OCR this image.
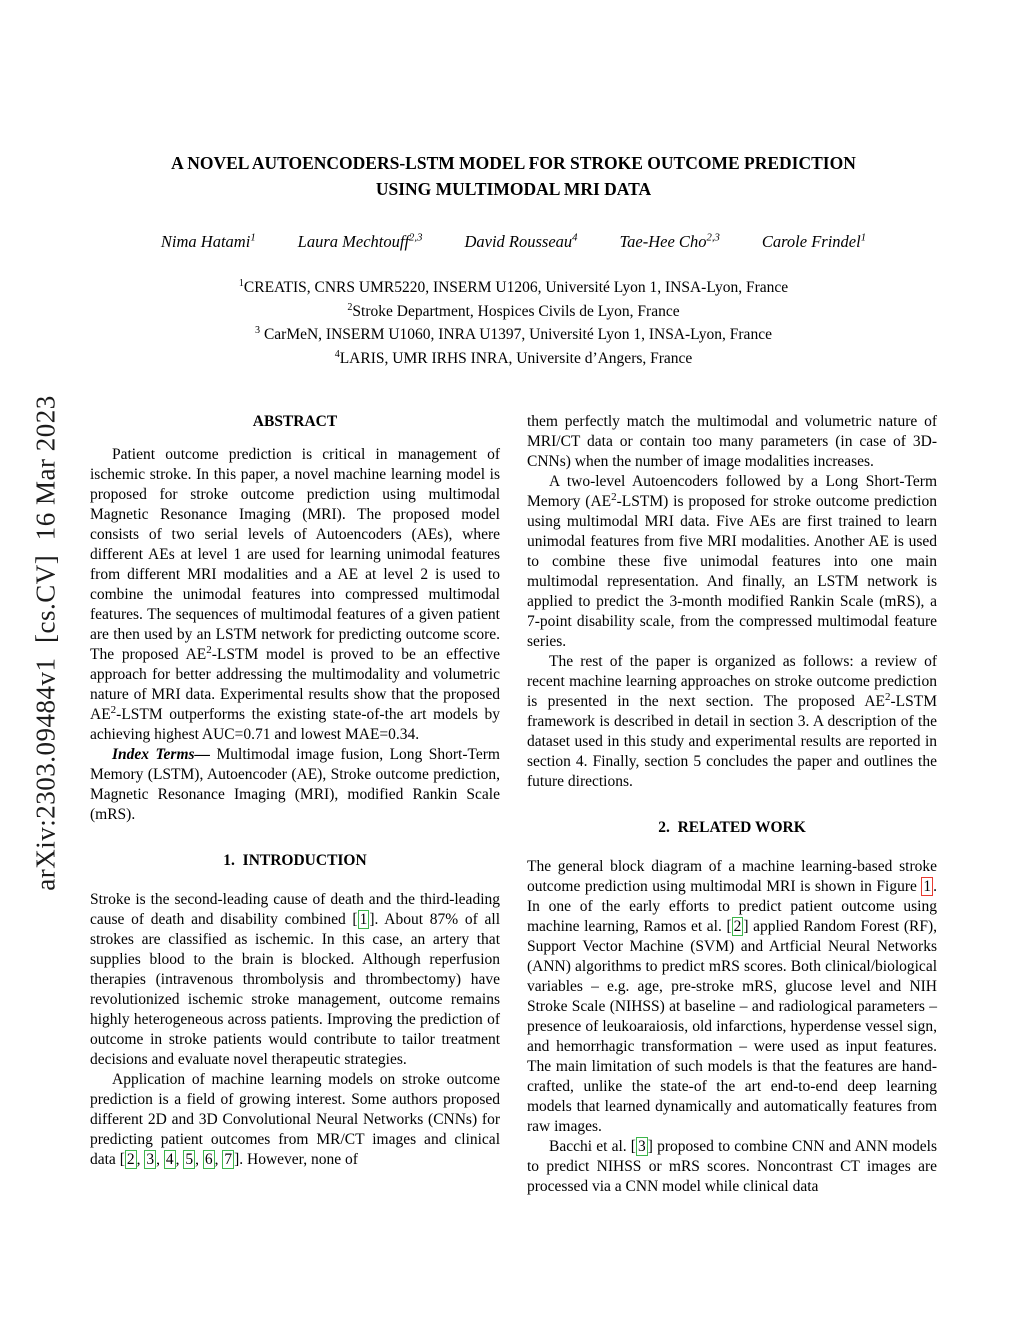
arXiv:2303.09484v1  [cs.CV]  16 Mar 2023
A NOVEL AUTOENCODERS-LSTM MODEL FOR STROKE OUTCOME PREDICTION
USING MULTIMODAL MRI DATA
Nima Hatami$^1$	Laura Mechtouff$^{2,3}$	David Rousseau$^4$	Tae-Hee Cho$^{2,3}$	Carole Frindel$^1$
$^1$CREATIS, CNRS UMR5220, INSERM U1206, Université Lyon 1, INSA-Lyon, France
$^2$Stroke Department, Hospices Civils de Lyon, France
$^3$ CarMeN, INSERM U1060, INRA U1397, Université Lyon 1, INSA-Lyon, France
$^4$LARIS, UMR IRHS INRA, Universite d’Angers, France
ABSTRACT

Patient outcome prediction is critical in management of ischemic stroke. In this paper, a novel machine learning model is proposed for stroke outcome prediction using multimodal Magnetic Resonance Imaging (MRI). The proposed model consists of two serial levels of Autoencoders (AEs), where different AEs at level 1 are used for learning unimodal features from different MRI modalities and a AE at level 2 is used to combine the unimodal features into compressed multimodal features. The sequences of multimodal features of a given patient are then used by an LSTM network for predicting outcome score. The proposed $AE^2$-LSTM model is proved to be an effective approach for better addressing the multimodality and volumetric nature of MRI data. Experimental results show that the proposed $AE^2$-LSTM outperforms the existing state-of-the art models by achieving highest AUC=0.71 and lowest MAE=0.34.

Index Terms— Multimodal image fusion, Long Short-Term Memory (LSTM), Autoencoder (AE), Stroke outcome prediction, Magnetic Resonance Imaging (MRI), modified Rankin Scale (mRS).

1.  INTRODUCTION

Stroke is the second-leading cause of death and the third-leading cause of death and disability combined [ 1 ]. About 87% of all strokes are classified as ischemic. In this case, an artery that supplies blood to the brain is blocked. Although reperfusion therapies (intravenous thrombolysis and thrombectomy) have revolutionized ischemic stroke management, outcome remains highly heterogeneous across patients. Improving the prediction of outcome in stroke patients would contribute to tailor treatment decisions and evaluate novel therapeutic strategies.

Application of machine learning models on stroke outcome prediction is a field of growing interest. Some authors proposed different 2D and 3D Convolutional Neural Networks (CNNs) for predicting patient outcomes from MR/CT images and clinical data [ 2 , 3 , 4 , 5 , 6 , 7 ]. However, none of

them perfectly match the multimodal and volumetric nature of MRI/CT data or contain too many parameters (in case of 3D-CNNs) when the number of image modalities increases.

A two-level Autoencoders followed by a Long Short-Term Memory $(AE^2-LSTM)$ is proposed for stroke outcome prediction using multimodal MRI data. Five AEs are first trained to learn unimodal features from five MRI modalities. Another AE is used to combine these five unimodal features into one main multimodal representation. And finally, an LSTM network is applied to predict the 3-month modified Rankin Scale (mRS), a 7-point disability scale, from the compressed multimodal feature series.

The rest of the paper is organized as follows: a review of recent machine learning approaches on stroke outcome prediction is presented in the next section. The proposed $AE^2$-LSTM framework is described in detail in section 3. A description of the dataset used in this study and experimental results are reported in section 4. Finally, section 5 concludes the paper and outlines the future directions.

2.  RELATED WORK

The general block diagram of a machine learning-based stroke outcome prediction using multimodal MRI is shown in Figure 1 . In one of the early efforts to predict patient outcome using machine learning, Ramos et al. [ 2 ] applied Random Forest (RF), Support Vector Machine (SVM) and Artficial Neural Networks (ANN) algorithms to predict mRS scores. Both clinical/biological variables – e.g. age, pre-stroke mRS, glucose level and NIH Stroke Scale (NIHSS) at baseline – and radiological parameters – presence of leukoaraiosis, old infarctions, hyperdense vessel sign, and hemorrhagic transformation – were used as input features. The main limitation of such models is that the features are hand-crafted, unlike the state-of the art end-to-end deep learning models that learned dynamically and automatically features from raw images.

Bacchi et al. [ 3 ] proposed to combine CNN and ANN models to predict NIHSS or mRS scores. Noncontrast CT images are processed via a CNN model while clinical data
